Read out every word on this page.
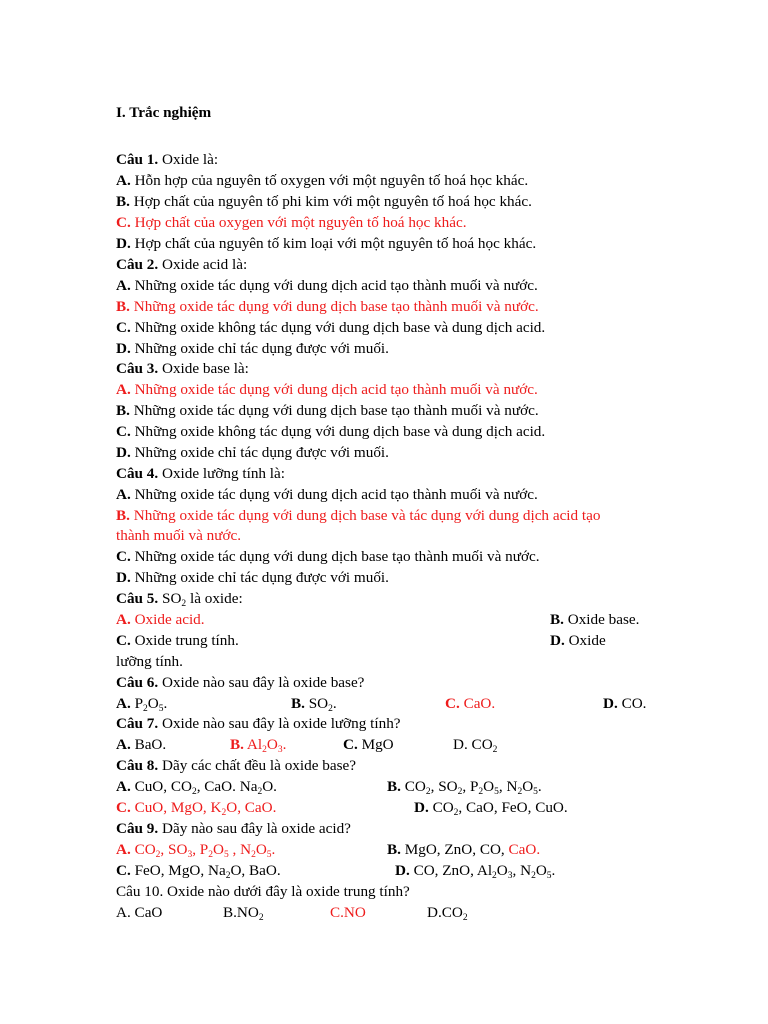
I. Trắc nghiệm
Câu 1. Oxide là:
A. Hỗn hợp của nguyên tố oxygen với một nguyên tố hoá học khác.
B. Hợp chất của nguyên tố phi kim với một nguyên tố hoá học khác.
C. Hợp chất của oxygen với một nguyên tố hoá học khác.
D. Hợp chất của nguyên tố kim loại với một nguyên tố hoá học khác.
Câu 2. Oxide acid là:
A. Những oxide tác dụng với dung dịch acid tạo thành muối và nước.
B. Những oxide tác dụng với dung dịch base tạo thành muối và nước.
C. Những oxide không tác dụng với dung dịch base và dung dịch acid.
D. Những oxide chỉ tác dụng được với muối.
Câu 3. Oxide base là:
A. Những oxide tác dụng với dung dịch acid tạo thành muối và nước.
B. Những oxide tác dụng với dung dịch base tạo thành muối và nước.
C. Những oxide không tác dụng với dung dịch base và dung dịch acid.
D. Những oxide chỉ tác dụng được với muối.
Câu 4. Oxide lưỡng tính là:
A. Những oxide tác dụng với dung dịch acid tạo thành muối và nước.
B. Những oxide tác dụng với dung dịch base và tác dụng với dung dịch acid tạo
thành muối và nước.
C. Những oxide tác dụng với dung dịch base tạo thành muối và nước.
D. Những oxide chỉ tác dụng được với muối.
Câu 5. $SO_2$ là oxide:
A. Oxide acid.	B. Oxide base.
C. Oxide trung tính.	D. Oxide
lưỡng tính.
Câu 6. Oxide nào sau đây là oxide base?
A. $P_2O_5$.	B. $SO_2$.	C. CaO.	D. CO.
Câu 7. Oxide nào sau đây là oxide lưỡng tính?
A. BaO.	B. $Al_2O_3$.	C. MgO	D. $CO_2$
Câu 8. Dãy các chất đều là oxide base?
A. CuO, $CO_2$, CaO. $Na_2O$.	B. $CO_2$, $SO_2$, $P_2O_5$, $N_2O_5$.
C. CuO, MgO, $K_2O$, CaO.	D. $CO_2$, CaO, FeO, CuO.
Câu 9. Dãy nào sau đây là oxide acid?
A. $CO_2$, $SO_3$, $P_2O_5$ , $N_2O_5$.	B. MgO, ZnO, CO, CaO.
C. FeO, MgO, $Na_2O$, BaO.	D. CO, ZnO, $Al_2O_3$, $N_2O_5$.
Câu 10. Oxide nào dưới đây là oxide trung tính?
A. CaO	$B.NO_2$	C.NO	$D.CO_2$
